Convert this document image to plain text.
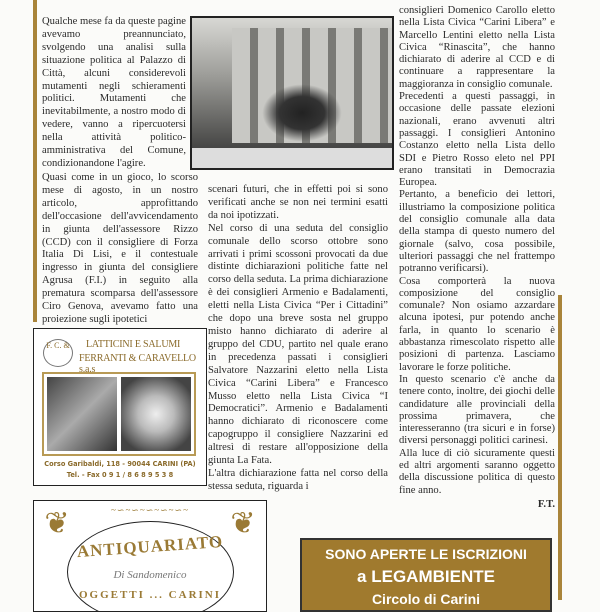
Qualche mese fa da queste pagine avevamo preannunciato, svolgendo una analisi sulla situazione politica al Palazzo di Città, alcuni considerevoli mutamenti negli schieramenti politici. Mutamenti che inevitabilmente, a nostro modo di vedere, vanno a ripercuotersi nella attività politico-amministrativa del Comune, condizionandone l'agire.

Quasi come in un gioco, lo scorso mese di agosto, in un nostro articolo, approfittando dell'occasione dell'avvicendamento in giunta dell'assessore Rizzo (CCD) con il consigliere di Forza Italia Di Lisi, e il contestuale ingresso in giunta del consigliere Agrusa (F.I.) in seguito alla prematura scomparsa dell'assessore Ciro Genova, avevamo fatto una proiezione sugli ipotetici

scenari futuri, che in effetti poi si sono verificati anche se non nei termini esatti da noi ipotizzati.

Nel corso di una seduta del consiglio comunale dello scorso ottobre sono arrivati i primi scossoni provocati da due distinte dichiarazioni politiche fatte nel corso della seduta. La prima dichiarazione è dei consiglieri Armenio e Badalamenti, eletti nella Lista Civica “Per i Cittadini” che dopo una breve sosta nel gruppo misto hanno dichiarato di aderire al gruppo del CDU, partito nel quale erano in precedenza passati i consiglieri Salvatore Nazzarini eletto nella Lista Civica “Carini Libera” e Francesco Musso eletto nella Lista Civica “I Democratici”. Armenio e Badalamenti hanno dichiarato di riconoscere come capogruppo il consigliere Nazzarini ed altresì di restare all'opposizione della giunta La Fata.

L'altra dichiarazione fatta nel corso della stessa seduta, riguarda i

consiglieri Domenico Carollo eletto nella Lista Civica “Carini Libera” e Marcello Lentini eletto nella Lista Civica “Rinascita”, che hanno dichiarato di aderire al CCD e di continuare a rappresentare la maggioranza in consiglio comunale.

Precedenti a questi passaggi, in occasione delle passate elezioni nazionali, erano avvenuti altri passaggi. I consiglieri Antonino Costanzo eletto nella Lista dello SDI e Pietro Rosso eleto nel PPI erano transitati in Democrazia Europea.

Pertanto, a beneficio dei lettori, illustriamo la composizione politica del consiglio comunale alla data della stampa di questo numero del giornale (salvo, cosa possibile, ulteriori passaggi che nel frattempo potranno verificarsi).

Cosa comporterà la nuova composizione del consiglio comunale? Non osiamo azzardare alcuna ipotesi, pur potendo anche farla, in quanto lo scenario è abbastanza rimescolato rispetto alle posizioni di partenza. Lasciamo lavorare le forze politiche.

In questo scenario c'è anche da tenere conto, inoltre, dei giochi delle candidature alle provinciali della prossima primavera, che interesseranno (tra sicuri e in forse) diversi personaggi politici carinesi.

Alla luce di ciò sicuramente questi ed altri argomenti saranno oggetto della discussione politica di questo fine anno.

F.T.

F. C. &	LATTICINI E SALUMI
FERRANTI & CARAVELLO s.a.s
Corso Garibaldi, 118 - 90044 CARINI (PA)
Tel. - Fax 0 9 1 / 8 6 8 9 5 3 8
❦	❦
~∽~∽~∽~∽~∽~
ANTIQUARIATO
Di Sandomenico
OGGETTI ... CARINI
SONO APERTE LE ISCRIZIONI
a LEGAMBIENTE
Circolo di Carini
